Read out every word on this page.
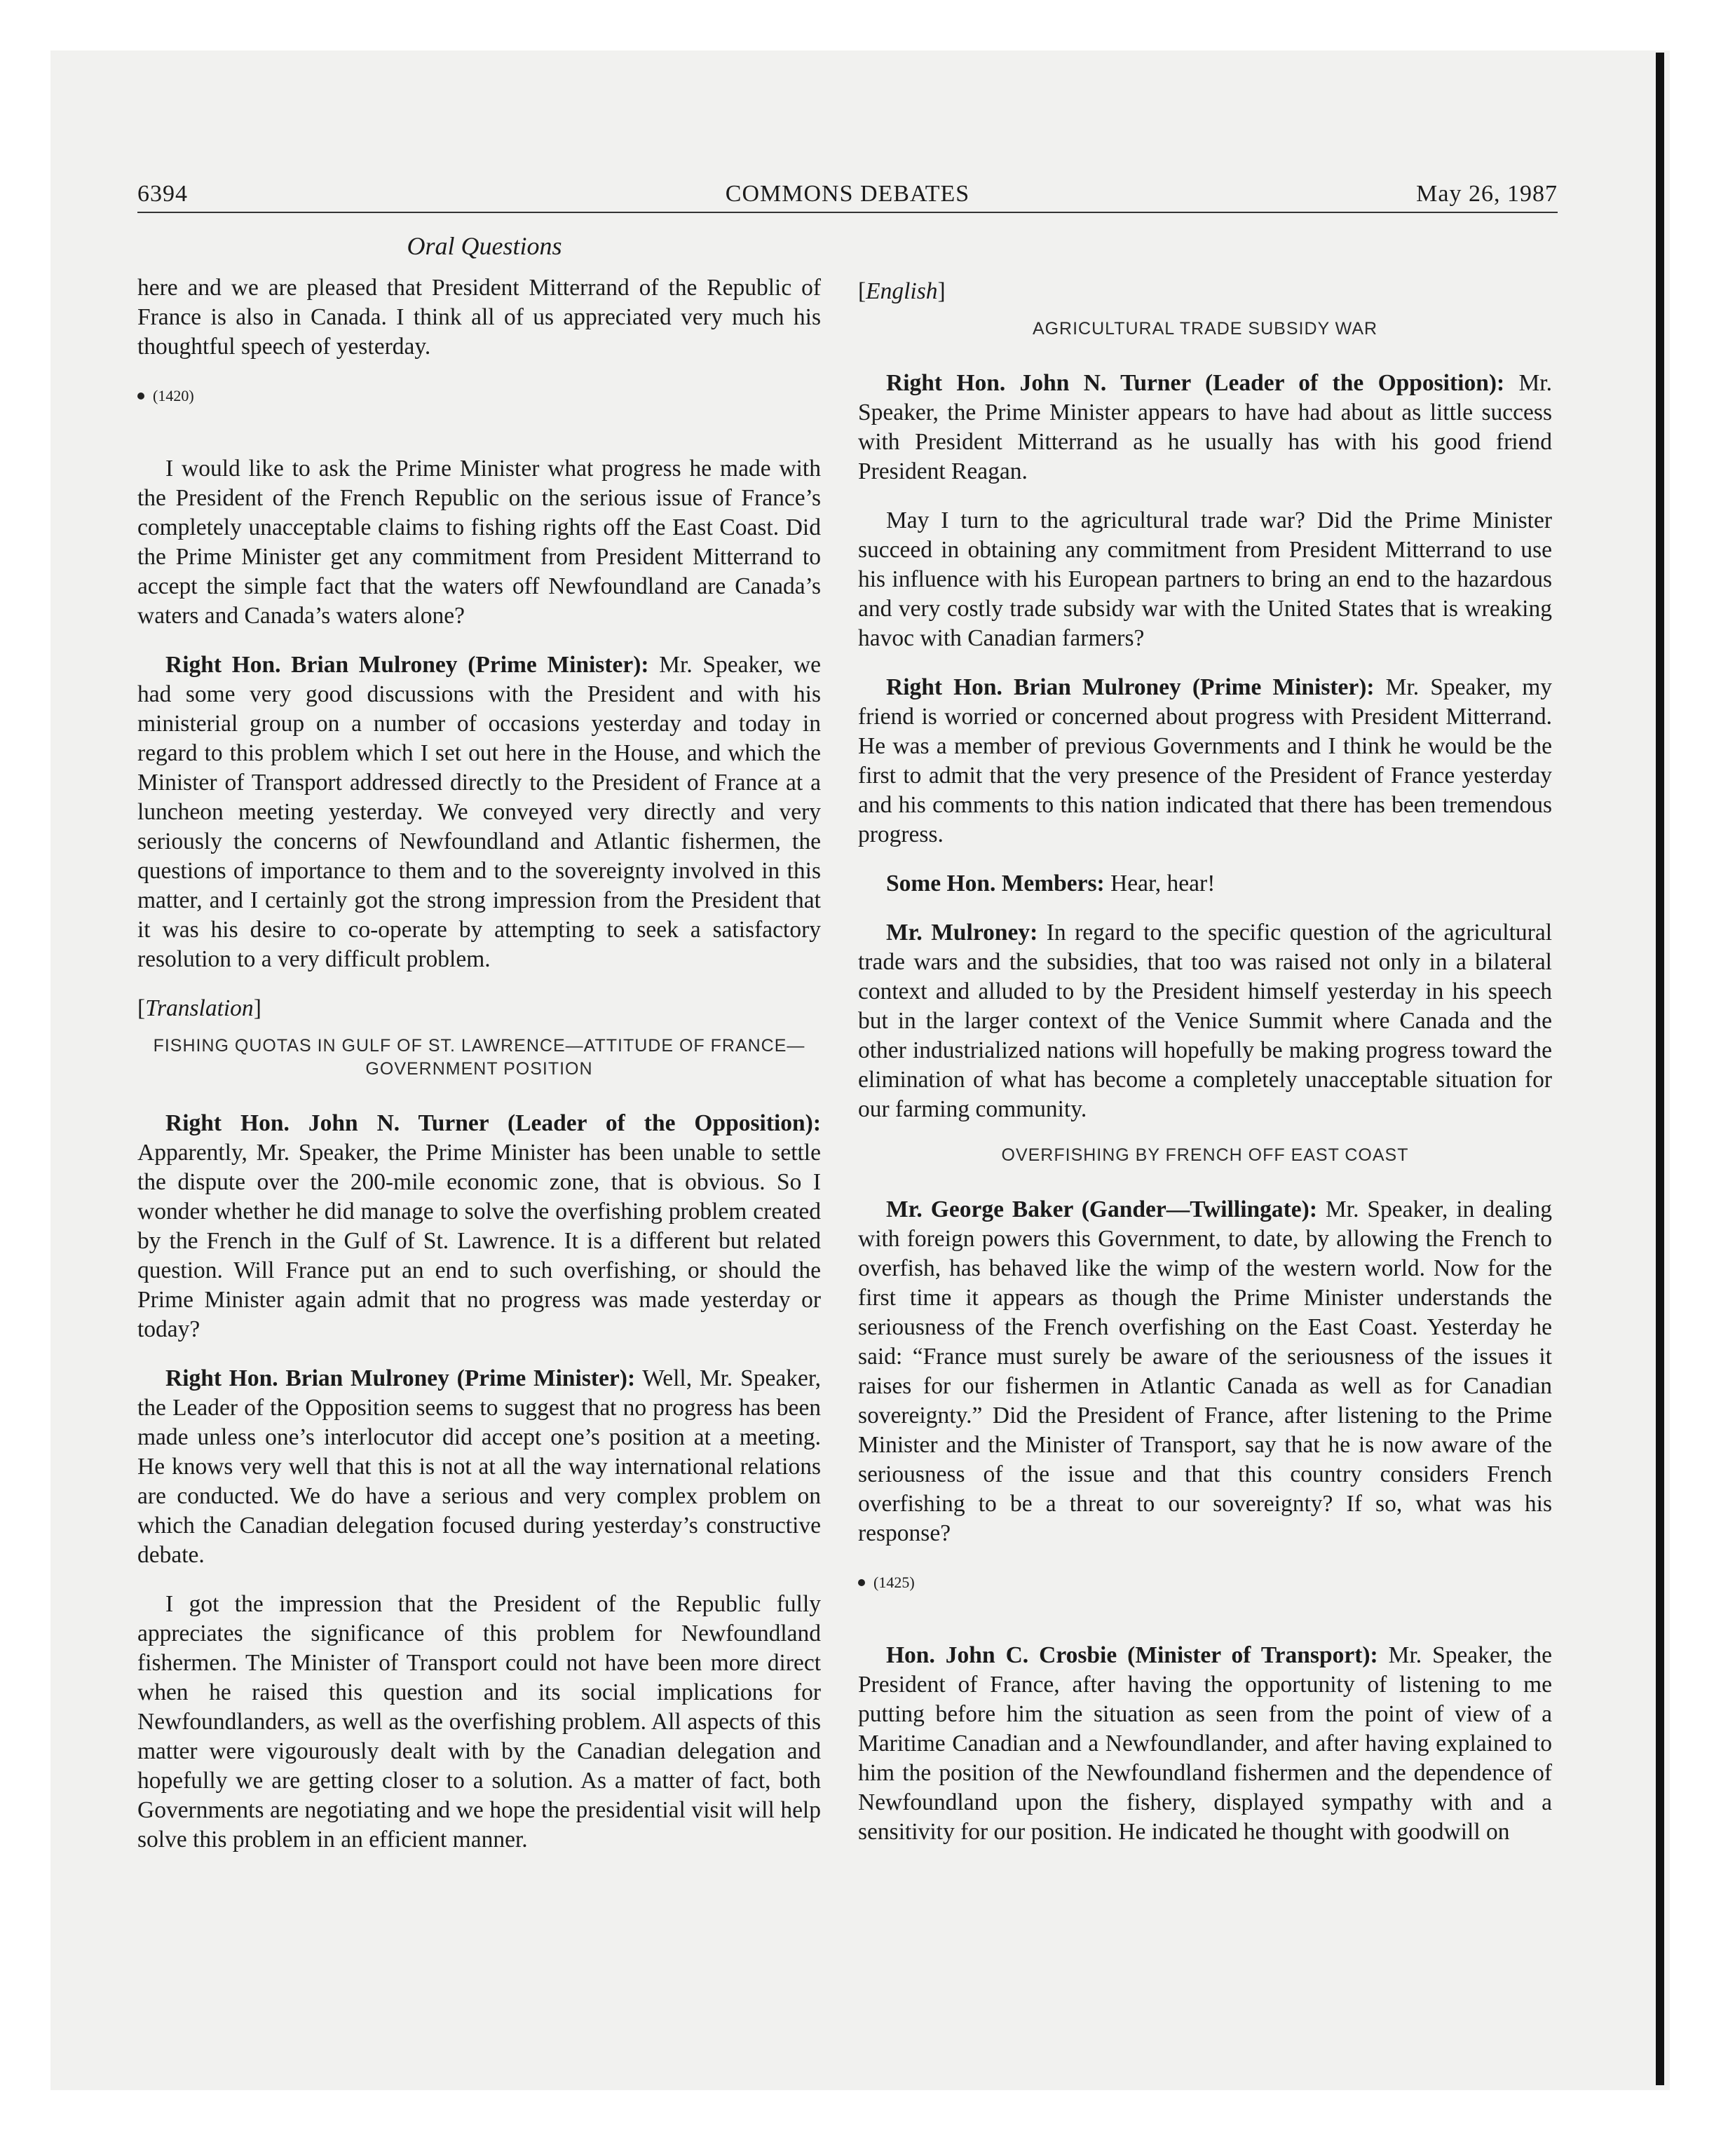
6394	COMMONS DEBATES	May 26, 1987
Oral Questions

here and we are pleased that President Mitterrand of the Republic of France is also in Canada. I think all of us appreciated very much his thoughtful speech of yesterday.

(1420)

I would like to ask the Prime Minister what progress he made with the President of the French Republic on the serious issue of France’s completely unacceptable claims to fishing rights off the East Coast. Did the Prime Minister get any commitment from President Mitterrand to accept the simple fact that the waters off Newfoundland are Canada’s waters and Canada’s waters alone?

Right Hon. Brian Mulroney (Prime Minister): Mr. Speaker, we had some very good discussions with the President and with his ministerial group on a number of occasions yesterday and today in regard to this problem which I set out here in the House, and which the Minister of Transport addressed directly to the President of France at a luncheon meeting yesterday. We conveyed very directly and very seriously the concerns of Newfoundland and Atlantic fishermen, the questions of importance to them and to the sovereignty involved in this matter, and I certainly got the strong impression from the President that it was his desire to co-operate by attempting to seek a satisfactory resolution to a very difficult problem.

[Translation]
FISHING QUOTAS IN GULF OF ST. LAWRENCE—ATTITUDE OF FRANCE—GOVERNMENT POSITION

Right Hon. John N. Turner (Leader of the Opposition): Apparently, Mr. Speaker, the Prime Minister has been unable to settle the dispute over the 200-mile economic zone, that is obvious. So I wonder whether he did manage to solve the overfishing problem created by the French in the Gulf of St. Lawrence. It is a different but related question. Will France put an end to such overfishing, or should the Prime Minister again admit that no progress was made yesterday or today?

Right Hon. Brian Mulroney (Prime Minister): Well, Mr. Speaker, the Leader of the Opposition seems to suggest that no progress has been made unless one’s interlocutor did accept one’s position at a meeting. He knows very well that this is not at all the way international relations are conducted. We do have a serious and very complex problem on which the Canadian delegation focused during yesterday’s constructive debate.

I got the impression that the President of the Republic fully appreciates the significance of this problem for Newfoundland fishermen. The Minister of Transport could not have been more direct when he raised this question and its social implications for Newfoundlanders, as well as the overfishing problem. All aspects of this matter were vigourously dealt with by the Canadian delegation and hopefully we are getting closer to a solution. As a matter of fact, both Governments are negotiating and we hope the presidential visit will help solve this problem in an efficient manner.

[English]
AGRICULTURAL TRADE SUBSIDY WAR

Right Hon. John N. Turner (Leader of the Opposition): Mr. Speaker, the Prime Minister appears to have had about as little success with President Mitterrand as he usually has with his good friend President Reagan.

May I turn to the agricultural trade war? Did the Prime Minister succeed in obtaining any commitment from President Mitterrand to use his influence with his European partners to bring an end to the hazardous and very costly trade subsidy war with the United States that is wreaking havoc with Canadian farmers?

Right Hon. Brian Mulroney (Prime Minister): Mr. Speaker, my friend is worried or concerned about progress with President Mitterrand. He was a member of previous Governments and I think he would be the first to admit that the very presence of the President of France yesterday and his comments to this nation indicated that there has been tremendous progress.

Some Hon. Members: Hear, hear!

Mr. Mulroney: In regard to the specific question of the agricultural trade wars and the subsidies, that too was raised not only in a bilateral context and alluded to by the President himself yesterday in his speech but in the larger context of the Venice Summit where Canada and the other industrialized nations will hopefully be making progress toward the elimination of what has become a completely unacceptable situation for our farming community.

OVERFISHING BY FRENCH OFF EAST COAST

Mr. George Baker (Gander—Twillingate): Mr. Speaker, in dealing with foreign powers this Government, to date, by allowing the French to overfish, has behaved like the wimp of the western world. Now for the first time it appears as though the Prime Minister understands the seriousness of the French overfishing on the East Coast. Yesterday he said: “France must surely be aware of the seriousness of the issues it raises for our fishermen in Atlantic Canada as well as for Canadian sovereignty.” Did the President of France, after listening to the Prime Minister and the Minister of Transport, say that he is now aware of the seriousness of the issue and that this country considers French overfishing to be a threat to our sovereignty? If so, what was his response?

(1425)

Hon. John C. Crosbie (Minister of Transport): Mr. Speaker, the President of France, after having the opportunity of listening to me putting before him the situation as seen from the point of view of a Maritime Canadian and a Newfoundlander, and after having explained to him the position of the Newfoundland fishermen and the dependence of Newfoundland upon the fishery, displayed sympathy with and a sensitivity for our position. He indicated he thought with goodwill on
